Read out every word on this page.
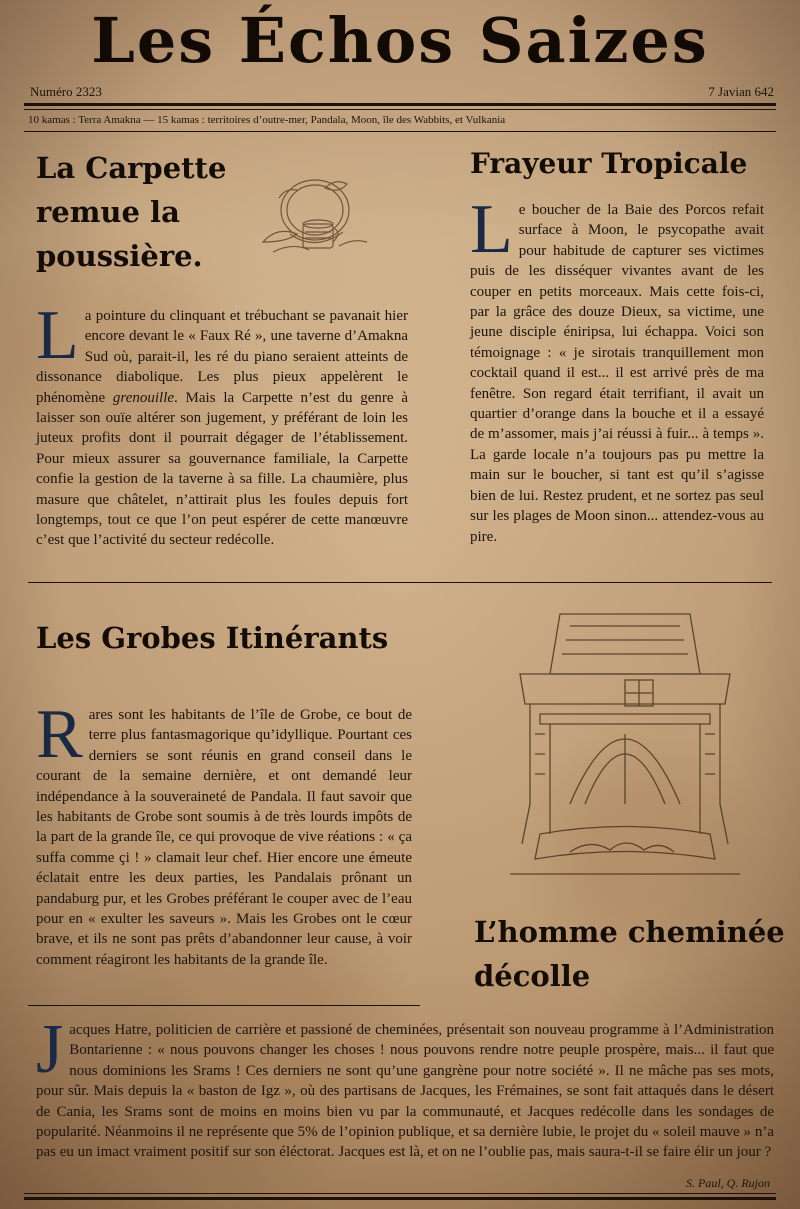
Les Échos Saizes
Numéro 2323	7 Javian 642
10 kamas : Terra Amakna — 15 kamas : territoires d’outre-mer, Pandala, Moon, île des Wabbits, et Vulkania
La Carpette
remue la
poussière.

La pointure du clinquant et trébuchant se pavanait hier encore devant le « Faux Ré », une taverne d’Amakna Sud où, parait-il, les ré du piano seraient atteints de dissonance diabolique. Les plus pieux appelèrent le phénomène grenouille. Mais la Carpette n’est du genre à laisser son ouïe altérer son jugement, y préférant de loin les juteux profits dont il pourrait dégager de l’établissement. Pour mieux assurer sa gouvernance familiale, la Carpette confie la gestion de la taverne à sa fille. La chaumière, plus masure que châtelet, n’attirait plus les foules depuis fort longtemps, tout ce que l’on peut espérer de cette manœuvre c’est que l’activité du secteur redécolle.

Frayeur Tropicale

Le boucher de la Baie des Porcos refait surface à Moon, le psycopathe avait pour habitude de capturer ses victimes puis de les disséquer vivantes avant de les couper en petits morceaux. Mais cette fois-ci, par la grâce des douze Dieux, sa victime, une jeune disciple éniripsa, lui échappa. Voici son témoignage : « je sirotais tranquillement mon cocktail quand il est... il est arrivé près de ma fenêtre. Son regard était terrifiant, il avait un quartier d’orange dans la bouche et il a essayé de m’assomer, mais j’ai réussi à fuir... à temps ». La garde locale n’a toujours pas pu mettre la main sur le boucher, si tant est qu’il s’agisse bien de lui. Restez prudent, et ne sortez pas seul sur les plages de Moon sinon... attendez-vous au pire.

Les Grobes Itinérants

Rares sont les habitants de l’île de Grobe, ce bout de terre plus fantasmagorique qu’idyllique. Pourtant ces derniers se sont réunis en grand conseil dans le courant de la semaine dernière, et ont demandé leur indépendance à la souveraineté de Pandala. Il faut savoir que les habitants de Grobe sont soumis à de très lourds impôts de la part de la grande île, ce qui provoque de vive réations : « ça suffa comme çi ! » clamait leur chef. Hier encore une émeute éclatait entre les deux parties, les Pandalais prônant un pandaburg pur, et les Grobes préférant le couper avec de l’eau pour en « exulter les saveurs ». Mais les Grobes ont le cœur brave, et ils ne sont pas prêts d’abandonner leur cause, à voir comment réagiront les habitants de la grande île.

L’homme cheminée
décolle

Jacques Hatre, politicien de carrière et passioné de cheminées, présentait son nouveau programme à l’Administration Bontarienne : « nous pouvons changer les choses ! nous pouvons rendre notre peuple prospère, mais... il faut que nous dominions les Srams ! Ces derniers ne sont qu’une gangrène pour notre société ». Il ne mâche pas ses mots, pour sûr. Mais depuis la « baston de Igz », où des partisans de Jacques, les Frémaines, se sont fait attaqués dans le désert de Cania, les Srams sont de moins en moins bien vu par la communauté, et Jacques redécolle dans les sondages de popularité. Néanmoins il ne représente que 5% de l’opinion publique, et sa dernière lubie, le projet du « soleil mauve » n’a pas eu un imact vraiment positif sur son éléctorat. Jacques est là, et on ne l’oublie pas, mais saura-t-il se faire élir un jour ?

S. Paul, Q. Rujon
